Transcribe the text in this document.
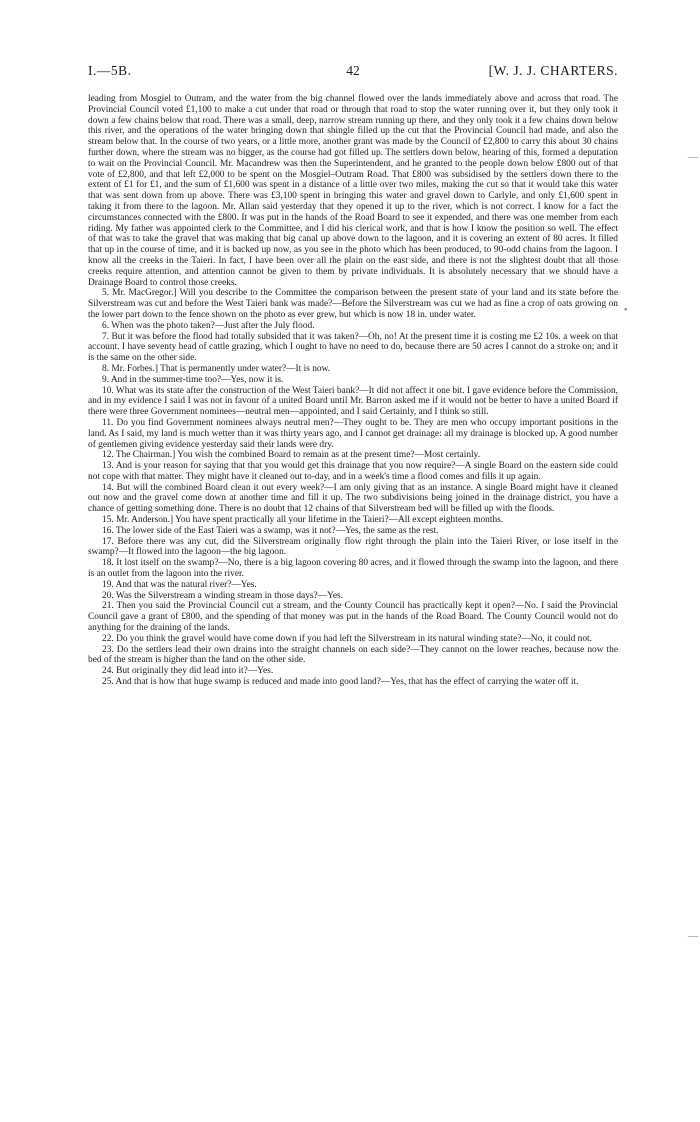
I.—5B.	42	[W. J. J. CHARTERS.

leading from Mosgiel to Outram, and the water from the big channel flowed over the lands immediately above and across that road. The Provincial Council voted £1,100 to make a cut under that road or through that road to stop the water running over it, but they only took it down a few chains below that road. There was a small, deep, narrow stream running up there, and they only took it a few chains down below this river, and the operations of the water bringing down that shingle filled up the cut that the Provincial Council had made, and also the stream below that. In the course of two years, or a little more, another grant was made by the Council of £2,800 to carry this about 30 chains further down, where the stream was no bigger, as the course had got filled up. The settlers down below, hearing of this, formed a deputation to wait on the Provincial Council. Mr. Macandrew was then the Superintendent, and he granted to the people down below £800 out of that vote of £2,800, and that left £2,000 to be spent on the Mosgiel–Outram Road. That £800 was subsidised by the settlers down there to the extent of £1 for £1, and the sum of £1,600 was spent in a distance of a little over two miles, making the cut so that it would take this water that was sent down from up above. There was £3,100 spent in bringing this water and gravel down to Carlyle, and only £1,600 spent in taking it from there to the lagoon. Mr. Allan said yesterday that they opened it up to the river, which is not correct. I know for a fact the circumstances connected with the £800. It was put in the hands of the Road Board to see it expended, and there was one member from each riding. My father was appointed clerk to the Committee, and I did his clerical work, and that is how I know the position so well. The effect of that was to take the gravel that was making that big canal up above down to the lagoon, and it is covering an extent of 80 acres. It filled that up in the course of time, and it is backed up now, as you see in the photo which has been produced, to 90-odd chains from the lagoon. I know all the creeks in the Taieri. In fact, I have been over all the plain on the east side, and there is not the slightest doubt that all those creeks require attention, and attention cannot be given to them by private individuals. It is absolutely necessary that we should have a Drainage Board to control those creeks.

5. Mr. MacGregor.] Will you describe to the Committee the comparison between the present state of your land and its state before the Silverstream was cut and before the West Taieri bank was made?—Before the Silverstream was cut we had as fine a crop of oats growing on the lower part down to the fence shown on the photo as ever grew, but which is now 18 in. under water.

6. When was the photo taken?—Just after the July flood.

7. But it was before the flood had totally subsided that it was taken?—Oh, no! At the present time it is costing me £2 10s. a week on that account. I have seventy head of cattle grazing, which I ought to have no need to do, because there are 50 acres I cannot do a stroke on; and it is the same on the other side.

8. Mr. Forbes.] That is permanently under water?—It is now.

9. And in the summer-time too?—Yes, now it is.

10. What was its state after the construction of the West Taieri bank?—It did not affect it one bit. I gave evidence before the Commission, and in my evidence I said I was not in favour of a united Board until Mr. Barron asked me if it would not be better to have a united Board if there were three Government nominees—neutral men—appointed, and I said Certainly, and I think so still.

11. Do you find Government nominees always neutral men?—They ought to be. They are men who occupy important positions in the land. As I said, my land is much wetter than it was thirty years ago, and I cannot get drainage: all my drainage is blocked up. A good number of gentlemen giving evidence yesterday said their lands were dry.

12. The Chairman.] You wish the combined Board to remain as at the present time?—Most certainly.

13. And is your reason for saying that that you would get this drainage that you now require?—A single Board on the eastern side could not cope with that matter. They might have it cleaned out to-day, and in a week's time a flood comes and fills it up again.

14. But will the combined Board clean it out every week?—I am only giving that as an instance. A single Board might have it cleaned out now and the gravel come down at another time and fill it up. The two subdivisions being joined in the drainage district, you have a chance of getting something done. There is no doubt that 12 chains of that Silverstream bed will be filled up with the floods.

15. Mr. Anderson.] You have spent practically all your lifetime in the Taieri?—All except eighteen months.

16. The lower side of the East Taieri was a swamp, was it not?—Yes, the same as the rest.

17. Before there was any cut, did the Silverstream originally flow right through the plain into the Taieri River, or lose itself in the swamp?—It flowed into the lagoon—the big lagoon.

18. It lost itself on the swamp?—No, there is a big lagoon covering 80 acres, and it flowed through the swamp into the lagoon, and there is an outlet from the lagoon into the river.

19. And that was the natural river?—Yes.

20. Was the Silverstream a winding stream in those days?—Yes.

21. Then you said the Provincial Council cut a stream, and the County Council has practically kept it open?—No. I said the Provincial Council gave a grant of £800, and the spending of that money was put in the hands of the Road Board. The County Council would not do anything for the draining of the lands.

22. Do you think the gravel would have come down if you had left the Silverstream in its natural winding state?—No, it could not.

23. Do the settlers lead their own drains into the straight channels on each side?—They cannot on the lower reaches, because now the bed of the stream is higher than the land on the other side.

24. But originally they did lead into it?—Yes.

25. And that is how that huge swamp is reduced and made into good land?—Yes, that has the effect of carrying the water off it.

—
•
—
